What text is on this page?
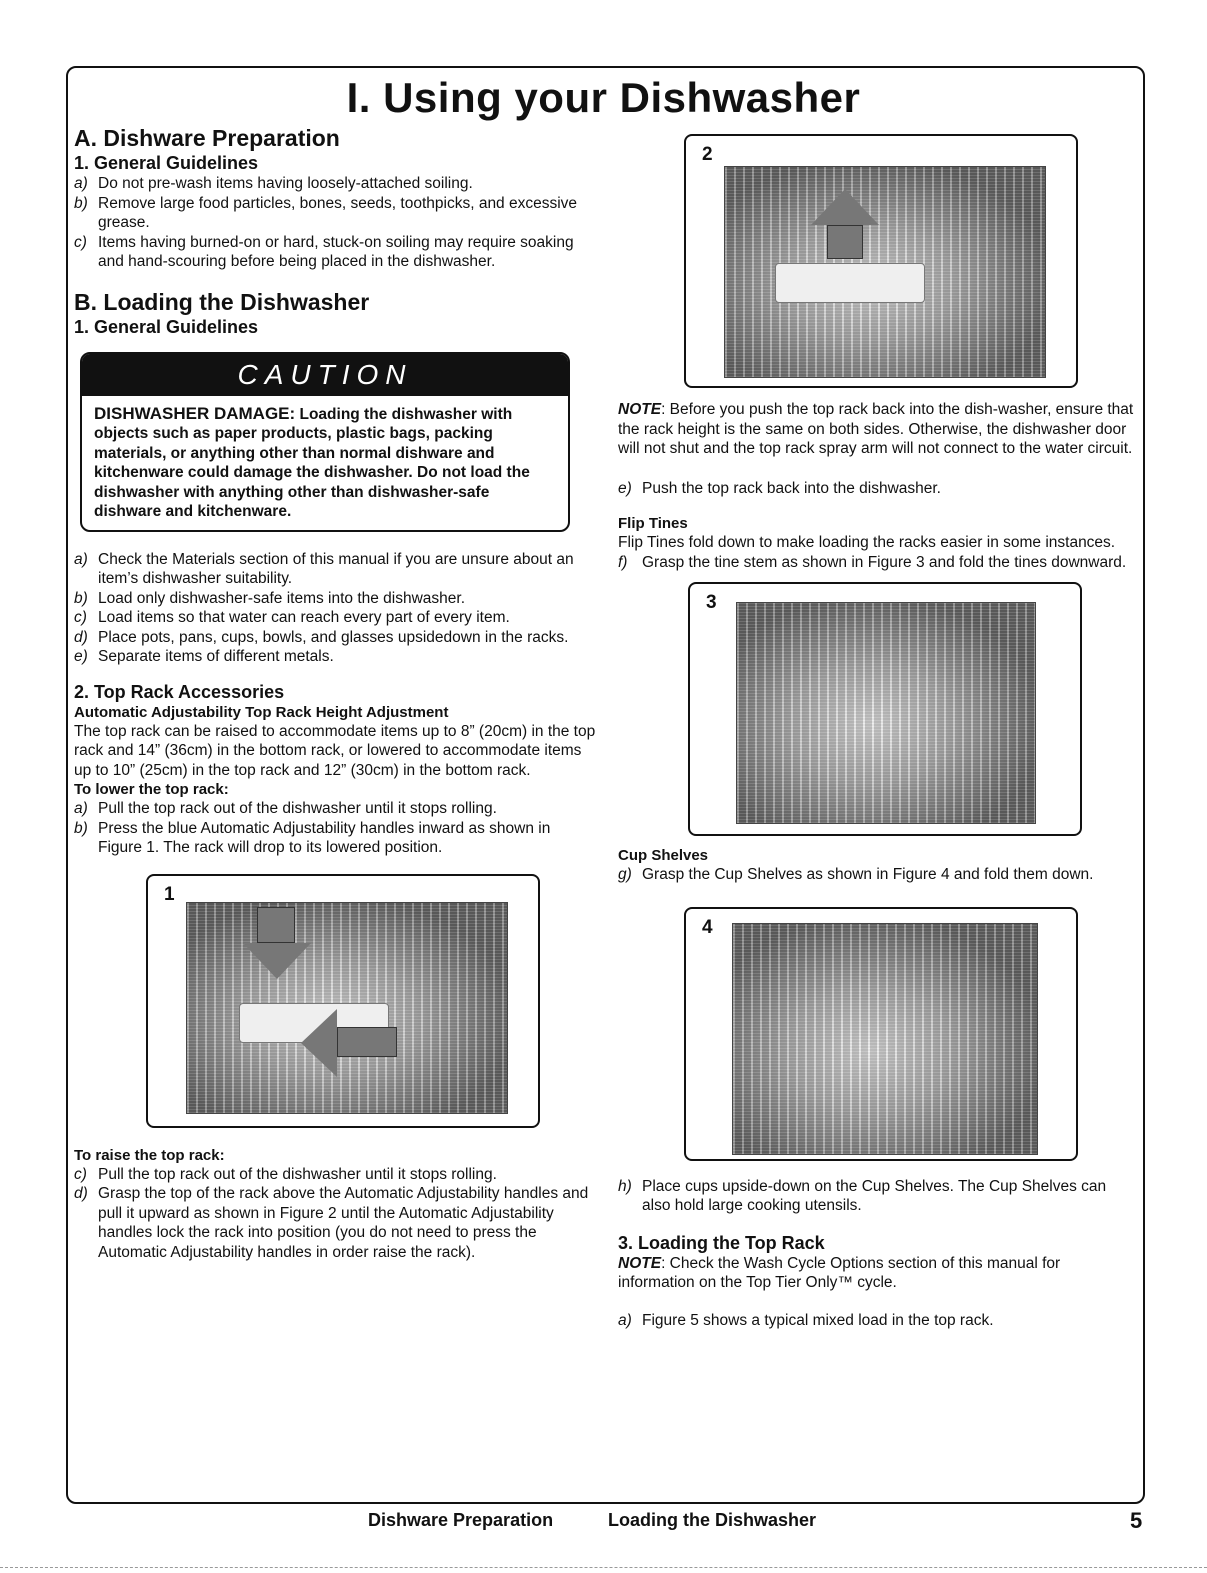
I. Using your Dishwasher
A. Dishware Preparation
1. General Guidelines
a) Do not pre-wash items having loosely-attached soiling.
b) Remove large food particles, bones, seeds, toothpicks, and excessive grease.
c) Items having burned-on or hard, stuck-on soiling may require soaking and hand-scouring before being placed in the dishwasher.
B. Loading the Dishwasher
1. General Guidelines
CAUTION
DISHWASHER DAMAGE: Loading the dishwasher with objects such as paper products, plastic bags, packing materials, or anything other than normal dishware and kitchenware could damage the dishwasher. Do not load the dishwasher with anything other than dishwasher-safe dishware and kitchenware.
a) Check the Materials section of this manual if you are unsure about an item’s dishwasher suitability.
b) Load only dishwasher-safe items into the dishwasher.
c) Load items so that water can reach every part of every item.
d) Place pots, pans, cups, bowls, and glasses upsidedown in the racks.
e) Separate items of different metals.
2. Top Rack Accessories
Automatic Adjustability Top Rack Height Adjustment

The top rack can be raised to accommodate items up to 8” (20cm) in the top rack and 14” (36cm) in the bottom rack, or lowered to accommodate items up to 10” (25cm) in the top rack and 12” (30cm) in the bottom rack.

To lower the top rack:
a) Pull the top rack out of the dishwasher until it stops rolling.
b) Press the blue Automatic Adjustability handles inward as shown in Figure 1. The rack will drop to its lowered position.
1
To raise the top rack:
c) Pull the top rack out of the dishwasher until it stops rolling.
d) Grasp the top of the rack above the Automatic Adjustability handles and pull it upward as shown in Figure 2 until the Automatic Adjustability handles lock the rack into position (you do not need to press the Automatic Adjustability handles in order raise the rack).
2

NOTE: Before you push the top rack back into the dish-washer, ensure that the rack height is the same on both sides. Otherwise, the dishwasher door will not shut and the top rack spray arm will not connect to the water circuit.

e) Push the top rack back into the dishwasher.
Flip Tines

Flip Tines fold down to make loading the racks easier in some instances.

f) Grasp the tine stem as shown in Figure 3 and fold the tines downward.
3
Cup Shelves
g) Grasp the Cup Shelves as shown in Figure 4 and fold them down.
4
h) Place cups upside-down on the Cup Shelves. The Cup Shelves can also hold large cooking utensils.
3. Loading the Top Rack

NOTE: Check the Wash Cycle Options section of this manual for information on the Top Tier Only™ cycle.

a) Figure 5 shows a typical mixed load in the top rack.
Dishware Preparation	Loading the Dishwasher	5
